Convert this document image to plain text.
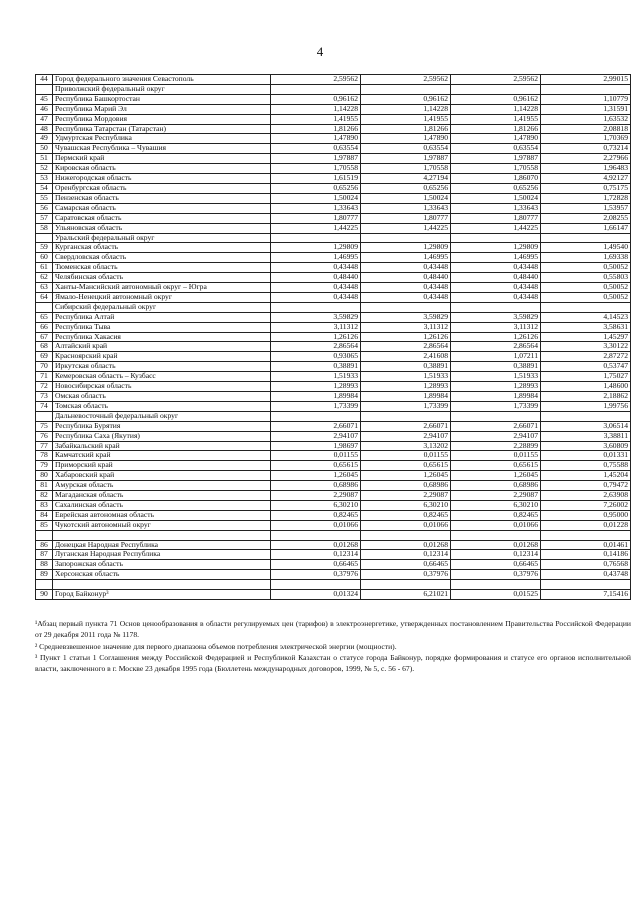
4
44	Город федерального значения Севастополь	2,59562	2,59562	2,59562	2,99015
	Приволжский федеральный округ				
45	Республика Башкортостан	0,96162	0,96162	0,96162	1,10779
46	Республика Марий Эл	1,14228	1,14228	1,14228	1,31591
47	Республика Мордовия	1,41955	1,41955	1,41955	1,63532
48	Республика Татарстан (Татарстан)	1,81266	1,81266	1,81266	2,08818
49	Удмуртская Республика	1,47890	1,47890	1,47890	1,70369
50	Чувашская Республика – Чувашия	0,63554	0,63554	0,63554	0,73214
51	Пермский край	1,97887	1,97887	1,97887	2,27966
52	Кировская область	1,70558	1,70558	1,70558	1,96483
53	Нижегородская область	1,61519	4,27194	1,86070	4,92127
54	Оренбургская область	0,65256	0,65256	0,65256	0,75175
55	Пензенская область	1,50024	1,50024	1,50024	1,72828
56	Самарская область	1,33643	1,33643	1,33643	1,53957
57	Саратовская область	1,80777	1,80777	1,80777	2,08255
58	Ульяновская область	1,44225	1,44225	1,44225	1,66147
	Уральский федеральный округ				
59	Курганская область	1,29809	1,29809	1,29809	1,49540
60	Свердловская область	1,46995	1,46995	1,46995	1,69338
61	Тюменская область	0,43448	0,43448	0,43448	0,50052
62	Челябинская область	0,48440	0,48440	0,48440	0,55803
63	Ханты-Мансийский автономный округ – Югра	0,43448	0,43448	0,43448	0,50052
64	Ямало-Ненецкий автономный округ	0,43448	0,43448	0,43448	0,50052
	Сибирский федеральный округ				
65	Республика Алтай	3,59829	3,59829	3,59829	4,14523
66	Республика Тыва	3,11312	3,11312	3,11312	3,58631
67	Республика Хакасия	1,26126	1,26126	1,26126	1,45297
68	Алтайский край	2,86564	2,86564	2,86564	3,30122
69	Красноярский край	0,93065	2,41608	1,07211	2,87272
70	Иркутская область	0,38891	0,38891	0,38891	0,53747
71	Кемеровская область – Кузбасс	1,51933	1,51933	1,51933	1,75027
72	Новосибирская область	1,28993	1,28993	1,28993	1,48600
73	Омская область	1,89984	1,89984	1,89984	2,18862
74	Томская область	1,73399	1,73399	1,73399	1,99756
	Дальневосточный федеральный округ				
75	Республика Бурятия	2,66071	2,66071	2,66071	3,06514
76	Республика Саха (Якутия)	2,94107	2,94107	2,94107	3,38811
77	Забайкальский край	1,98697	3,13202	2,28899	3,60809
78	Камчатский край	0,01155	0,01155	0,01155	0,01331
79	Приморский край	0,65615	0,65615	0,65615	0,75588
80	Хабаровский край	1,26045	1,26045	1,26045	1,45204
81	Амурская область	0,68986	0,68986	0,68986	0,79472
82	Магаданская область	2,29087	2,29087	2,29087	2,63908
83	Сахалинская область	6,30210	6,30210	6,30210	7,26002
84	Еврейская автономная область	0,82465	0,82465	0,82465	0,95000
85	Чукотский автономный округ	0,01066	0,01066	0,01066	0,01228

86	Донецкая Народная Республика	0,01268	0,01268	0,01268	0,01461
87	Луганская Народная Республика	0,12314	0,12314	0,12314	0,14186
88	Запорожская область	0,66465	0,66465	0,66465	0,76568
89	Херсонская область	0,37976	0,37976	0,37976	0,43748

90	Город Байконур³	0,01324	6,21021	0,01525	7,15416
¹Абзац первый пункта 71 Основ ценообразования в области регулируемых цен (тарифов) в электроэнергетике, утвержденных постановлением Правительства Российской Федерации от 29 декабря 2011 года № 1178.
² Средневзвешенное значение для первого диапазона объемов потребления электрической энергии (мощности).
³ Пункт 1 статьи 1 Соглашения между Российской Федерацией и Республикой Казахстан о статусе города Байконур, порядке формирования и статусе его органов исполнительной власти, заключенного в г. Москве 23 декабря 1995 года (Бюллетень международных договоров, 1999, № 5, с. 56 - 67).
